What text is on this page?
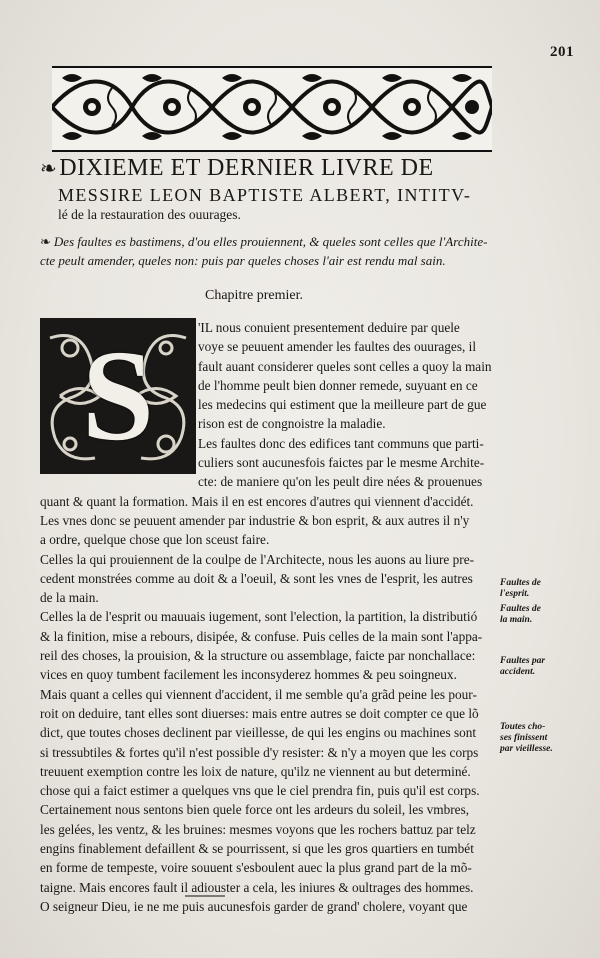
201
❧DIXIEME ET DERNIER LIVRE DE
MESSIRE LEON BAPTISTE ALBERT, INTITV-
lé de la restauration des ouurages.
❧ Des faultes es bastimens, d'ou elles prouiennent, & queles sont celles que l'Archite-
cte peult amender, queles non: puis par queles choses l'air est rendu mal sain.
Chapitre premier.
S	'IL nous conuient presentement deduire par quele
voye se peuuent amender les faultes des ouurages, il
fault auant considerer queles sont celles a quoy la main
de l'homme peult bien donner remede, suyuant en ce
les medecins qui estiment que la meilleure part de gue
rison est de congnoistre la maladie.
Les faultes donc des edifices tant communs que parti-
culiers sont aucunesfois faictes par le mesme Archite-
cte: de maniere qu'on les peult dire nées & prouenues
quant & quant la formation. Mais il en est encores d'autres qui viennent d'accidét.
Les vnes donc se peuuent amender par industrie & bon esprit, & aux autres il n'y
a ordre, quelque chose que lon sceust faire.
Celles la qui prouiennent de la coulpe de l'Architecte, nous les auons au liure pre-
cedent monstrées comme au doit & a l'oeuil, & sont les vnes de l'esprit, les autres
de la main.
Celles la de l'esprit ou mauuais iugement, sont l'election, la partition, la distributió
& la finition, mise a rebours, disipée, & confuse. Puis celles de la main sont l'appa-
reil des choses, la prouision, & la structure ou assemblage, faicte par nonchallace:
vices en quoy tumbent facilement les inconsyderez hommes & peu soingneux.
Mais quant a celles qui viennent d'accident, il me semble qu'a grãd peine les pour-
roit on deduire, tant elles sont diuerses: mais entre autres se doit compter ce que lõ
dict, que toutes choses declinent par vieillesse, de qui les engins ou machines sont
si tressubtiles & fortes qu'il n'est possible d'y resister: & n'y a moyen que les corps
treuuent exemption contre les loix de nature, qu'ilz ne viennent au but determiné.
chose qui a faict estimer a quelques vns que le ciel prendra fin, puis qu'il est corps.
Certainement nous sentons bien quele force ont les ardeurs du soleil, les vmbres,
les gelées, les ventz, & les bruines: mesmes voyons que les rochers battuz par telz
engins finablement defaillent & se pourrissent, si que les gros quartiers en tumbét
en forme de tempeste, voire souuent s'esboulent auec la plus grand part de la mõ-
taigne. Mais encores fault il adiouster a cela, les iniures & oultrages des hommes.
O seigneur Dieu, ie ne me puis aucunesfois garder de grand' cholere, voyant que
Faultes de
l'esprit.
Faultes de
la main.
Faultes par
accident.
Toutes cho-
ses finissent
par vieillesse.
